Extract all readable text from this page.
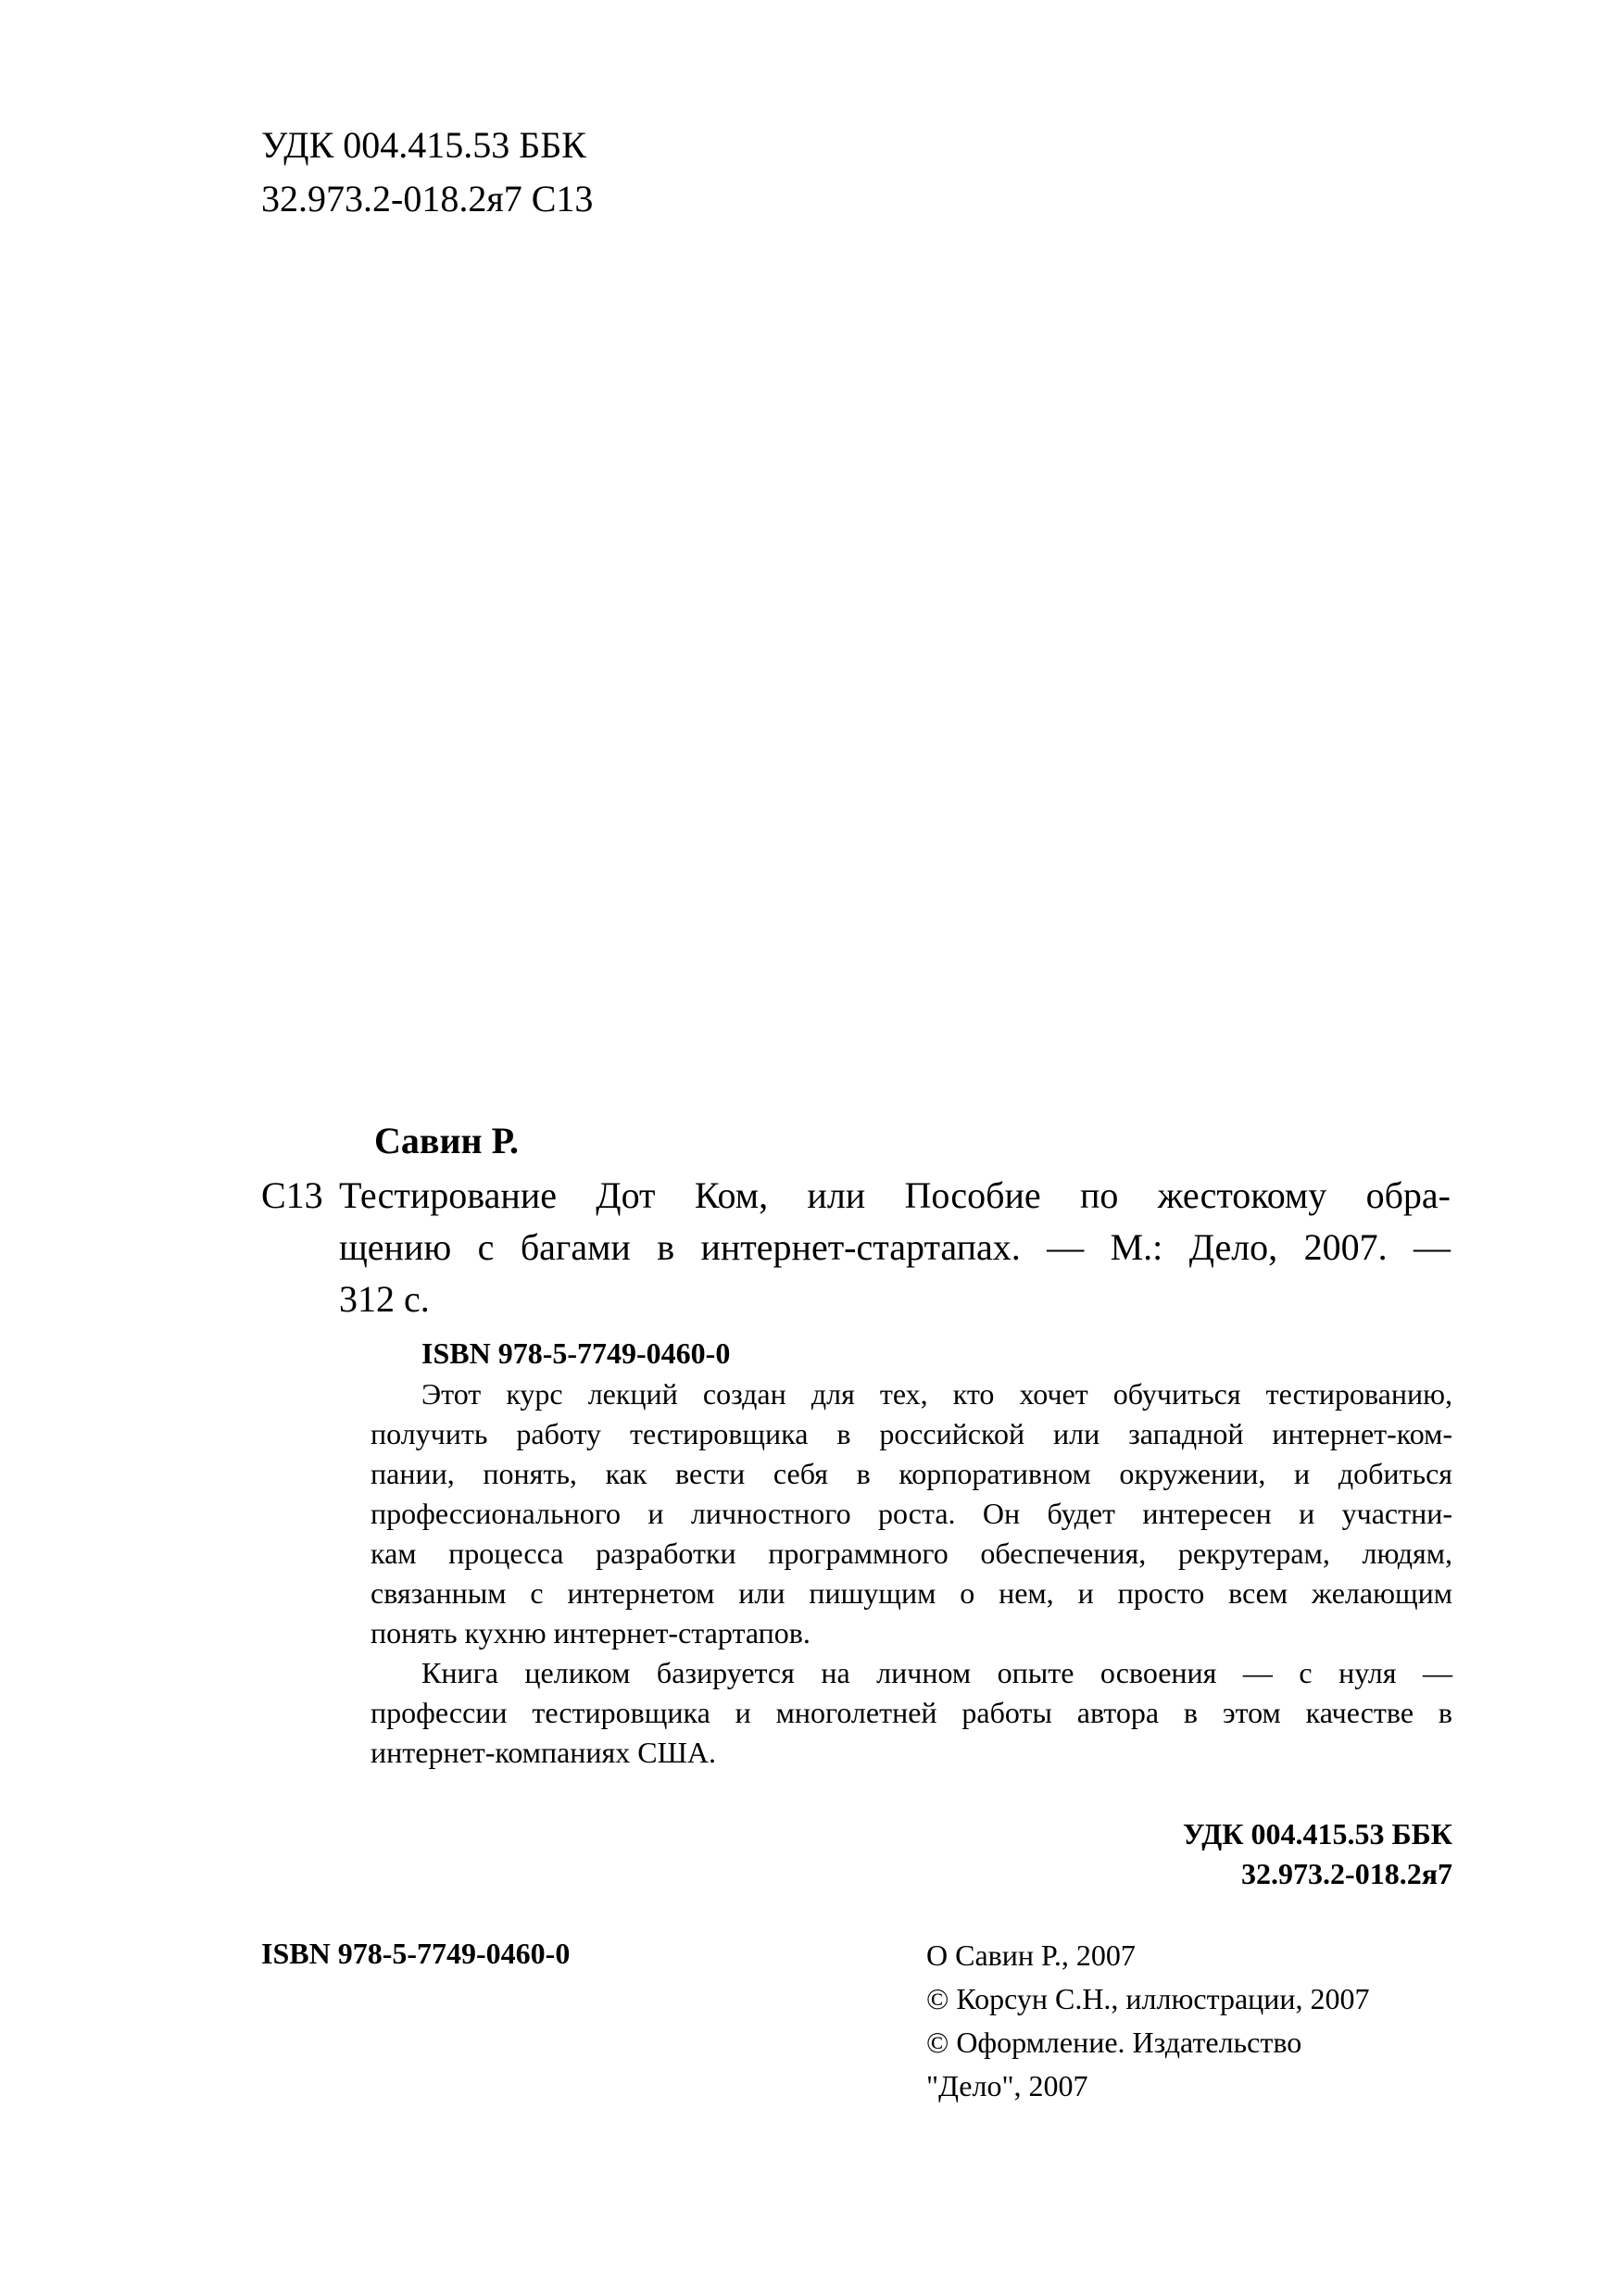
УДК 004.415.53 ББК
32.973.2-018.2я7 С13
Савин Р.
С13 Тестирование Дот Ком, или Пособие по жестокому обра-
щению с багами в интернет-стартапах. — М.: Дело, 2007. —
312 с.
ISBN 978-5-7749-0460-0
Этот курс лекций создан для тех, кто хочет обучиться тестированию,
получить работу тестировщика в российской или западной интернет-ком-
пании, понять, как вести себя в корпоративном окружении, и добиться
профессионального и личностного роста. Он будет интересен и участни-
кам процесса разработки программного обеспечения, рекрутерам, людям,
связанным с интернетом или пишущим о нем, и просто всем желающим
понять кухню интернет-стартапов.
Книга целиком базируется на личном опыте освоения — с нуля —
профессии тестировщика и многолетней работы автора в этом качестве в
интернет-компаниях США.
УДК 004.415.53 ББК
32.973.2-018.2я7
ISBN 978-5-7749-0460-0	О Савин Р., 2007
© Корсун С.Н., иллюстрации, 2007
© Оформление. Издательство
"Дело", 2007
